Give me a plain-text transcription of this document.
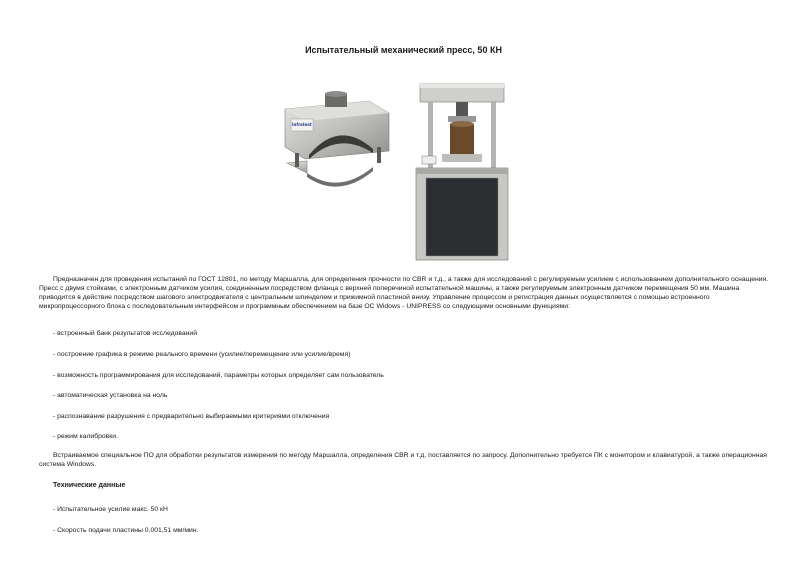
Испытательный механический пресс, 50 КН
Infratest
Предназначен для проведения испытаний по ГОСТ 12801, по методу Маршалла, для определения прочности по CBR и т.д., а также для исследований с регулируемым усилием с использованием дополнительного оснащения. Пресс с двумя стойками, с электронным датчиком усилия, соединенным посредством фланца с верхней поперечиной испытательной машины, а также регулируемым электронным датчиком перемещения 50 мм. Машина приводится в действие посредством шагового электродвигателя с центральным шпинделем и прижимной пластиной внизу. Управление процессом и регистрация данных осуществляется с помощью встроенного микропроцессорного блока с последовательным интерфейсом и программным обеспечением на базе ОС Widows - UNIPRESS со следующими основными функциями:
- встроенный банк результатов исследований
- построение графика в режиме реального времени (усилие/перемещение или усилие/время)
- возможность программирования для исследований, параметры которых определяет сам пользователь
- автоматическая установка на ноль
- распознавание разрушения с предварительно выбираемыми критериями отключения
- режим калибровки.
Встраиваемое специальное ПО для обработки результатов измерения по методу Маршалла, определения CBR и т.д. поставляется по запросу. Дополнительно требуется ПК с монитором и клавиатурой, а также операционная система Windows.
Технические данные
- Испытательное усилие макс. 50 кН
- Скорость подачи пластины 0.001,51 мм/мин.
